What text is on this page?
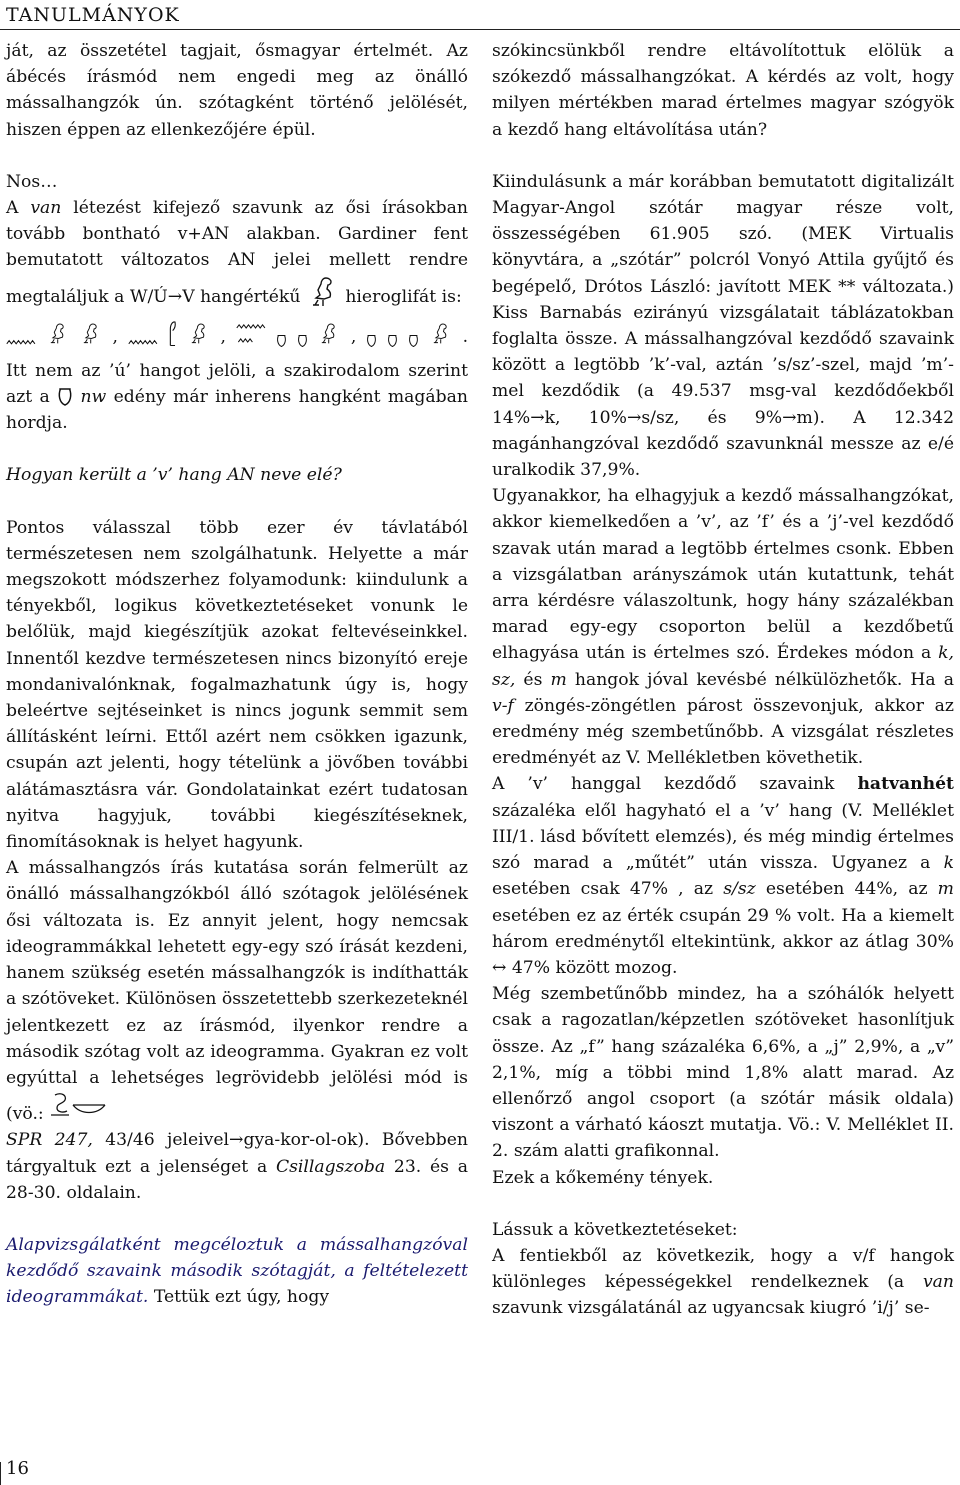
TANULMÁNYOK

ját, az összetétel tagjait, ősmagyar értelmét. Az ábécés írásmód nem engedi meg az önálló mássalhangzók ún. szótagként történő jelölését, hiszen éppen az ellenkezőjére épül.

Nos…
A van létezést kifejező szavunk az ősi írásokban tovább bontható v+AN alakban. Gardiner fent bemutatott változatos AN jelei mellett rendre megtaláljuk a W/Ú→V hangértékű	hieroglifát is:

,	,	,	.

Itt nem az ’ú’ hangot jelöli, a szakirodalom szerint azt a nw edény már inherens hangként magában hordja.

Hogyan került a ’v’ hang AN neve elé?

Pontos válasszal több ezer év távlatából természetesen nem szolgálhatunk. Helyette a már megszokott módszerhez folyamodunk: kiindulunk a tényekből, logikus következtetéseket vonunk le belőlük, majd kiegészítjük azokat feltevéseinkkel. Innentől kezdve természetesen nincs bizonyító ereje mondanivalónknak, fogalmazhatunk úgy is, hogy beleértve sejtéseinket is nincs jogunk semmit sem állításként leírni. Ettől azért nem csökken igazunk, csupán azt jelenti, hogy tételünk a jövőben további alátámasztásra vár. Gondolatainkat ezért tudatosan nyitva hagyjuk, további kiegészítéseknek, finomításoknak is helyet hagyunk.

A mássalhangzós írás kutatása során felmerült az önálló mássalhangzókból álló szótagok jelölésének ősi változata is. Ez annyit jelent, hogy nemcsak ideogrammákkal lehetett egy-egy szó írását kezdeni, hanem szükség esetén mássalhangzók is indíthatták a szótöveket. Különösen összetettebb szerkezeteknél jelentkezett ez az írásmód, ilyenkor rendre a második szótag volt az ideogramma. Gyakran ez volt egyúttal a lehetséges legrövidebb jelölési mód is (vö.:
SPR 247, 43/46 jeleivel→gya-kor-ol-ok). Bővebben tárgyaltuk ezt a jelenséget a Csillagszoba 23. és a 28-30. oldalain.

Alapvizsgálatként megcéloztuk a mássalhangzóval kezdődő szavaink második szótagját, a feltételezett ideogrammákat. Tettük ezt úgy, hogy

szókincsünkből rendre eltávolítottuk elölük a szókezdő mássalhangzókat. A kérdés az volt, hogy milyen mértékben marad értelmes magyar szógyök a kezdő hang eltávolítása után?

Kiindulásunk a már korábban bemutatott digitalizált Magyar-Angol szótár magyar része volt, összességében 61.905 szó. (MEK Virtualis könyvtára, a „szótár” polcról Vonyó Attila gyűjtő és begépelő, Drótos László: javított MEK ** változata.) Kiss Barnabás ezirányú vizsgálatait táblázatokban foglalta össze. A mássalhangzóval kezdődő szavaink között a legtöbb ’k’-val, aztán ’s/sz’-szel, majd ’m’-mel kezdődik (a 49.537 msg-val kezdődőekből 14%→k, 10%→s/sz, és 9%→m). A 12.342 magánhangzóval kezdődő szavunknál messze az e/é uralkodik 37,9%.

Ugyanakkor, ha elhagyjuk a kezdő mássalhangzókat, akkor kiemelkedően a ’v’, az ’f’ és a ’j’-vel kezdődő szavak után marad a legtöbb értelmes csonk. Ebben a vizsgálatban arányszámok után kutattunk, tehát arra kérdésre válaszoltunk, hogy hány százalékban marad egy-egy csoporton belül a kezdőbetű elhagyása után is értelmes szó. Érdekes módon a k, sz, és m hangok jóval kevésbé nélkülözhetők. Ha a v-f zöngés-zöngétlen párost összevonjuk, akkor az eredmény még szembetűnőbb. A vizsgálat részletes eredményét az V. Mellékletben követhetik.

A ’v’ hanggal kezdődő szavaink hatvanhét százaléka elől hagyható el a ’v’ hang (V. Melléklet III/1. lásd bővített elemzés), és még mindig értelmes szó marad a „műtét” után vissza. Ugyanez a k esetében csak 47% , az s/sz esetében 44%, az m esetében ez az érték csupán 29 % volt. Ha a kiemelt három eredménytől eltekintünk, akkor az átlag 30% ↔ 47% között mozog.

Még szembetűnőbb mindez, ha a szóhálók helyett csak a ragozatlan/képzetlen szótöveket hasonlítjuk össze. Az „f” hang százaléka 6,6%, a „j” 2,9%, a „v” 2,1%, míg a többi mind 1,8% alatt marad. Az ellenőrző angol csoport (a szótár másik oldala) viszont a várható káoszt mutatja. Vö.: V. Melléklet II. 2. szám alatti grafikonnal.

Ezek a kőkemény tények.

Lássuk a következtetéseket:

A fentiekből az következik, hogy a v/f hangok különleges képességekkel rendelkeznek (a van szavunk vizsgálatánál az ugyancsak kiugró ’i/j’ se-

16
